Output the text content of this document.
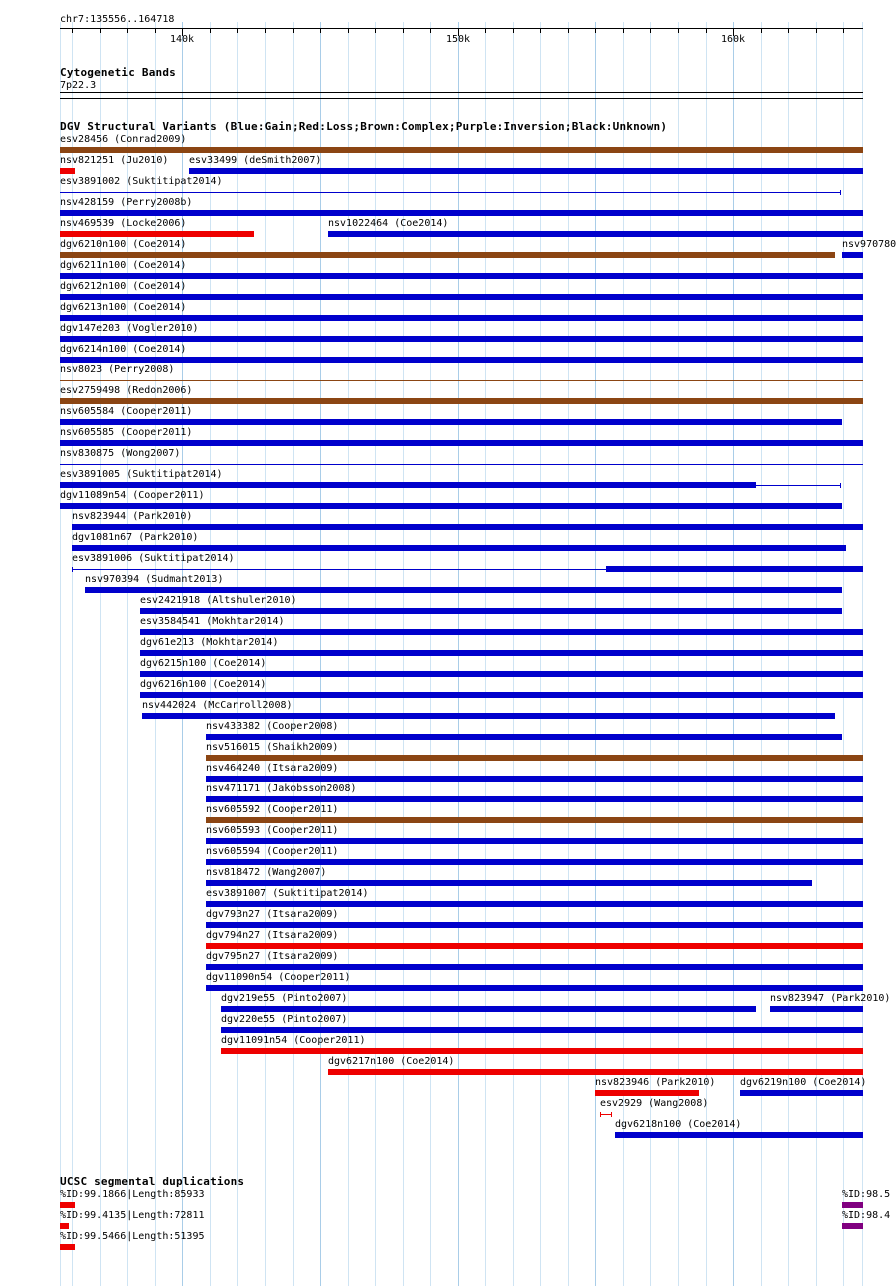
chr7:135556..164718
140k	150k	160k
Cytogenetic Bands
7p22.3
DGV Structural Variants (Blue:Gain;Red:Loss;Brown:Complex;Purple:Inversion;Black:Unknown)
esv28456 (Conrad2009)
nsv821251 (Ju2010) esv33499 (deSmith2007)
esv3891002 (Suktitipat2014)
nsv428159 (Perry2008b)
nsv469539 (Locke2006)	nsv1022464 (Coe2014)
dgv6210n100 (Coe2014)	nsv970780
dgv6211n100 (Coe2014)
dgv6212n100 (Coe2014)
dgv6213n100 (Coe2014)
dgv147e203 (Vogler2010)
dgv6214n100 (Coe2014)
nsv8023 (Perry2008)
esv2759498 (Redon2006)
nsv605584 (Cooper2011)
nsv605585 (Cooper2011)
nsv830875 (Wong2007)
esv3891005 (Suktitipat2014)
dgv11089n54 (Cooper2011)
nsv823944 (Park2010)
dgv1081n67 (Park2010)
esv3891006 (Suktitipat2014)
nsv970394 (Sudmant2013)
esv2421918 (Altshuler2010)
esv3584541 (Mokhtar2014)
dgv61e213 (Mokhtar2014)
dgv6215n100 (Coe2014)
dgv6216n100 (Coe2014)
nsv442024 (McCarroll2008)
nsv433382 (Cooper2008)
nsv516015 (Shaikh2009)
nsv464240 (Itsara2009)
nsv471171 (Jakobsson2008)
nsv605592 (Cooper2011)
nsv605593 (Cooper2011)
nsv605594 (Cooper2011)
nsv818472 (Wang2007)
esv3891007 (Suktitipat2014)
dgv793n27 (Itsara2009)
dgv794n27 (Itsara2009)
dgv795n27 (Itsara2009)
dgv11090n54 (Cooper2011)
dgv219e55 (Pinto2007)	nsv823947 (Park2010)
dgv220e55 (Pinto2007)
dgv11091n54 (Cooper2011)
dgv6217n100 (Coe2014)
nsv823946 (Park2010) dgv6219n100 (Coe2014)
esv2929 (Wang2008)
dgv6218n100 (Coe2014)
UCSC segmental duplications
%ID:99.1866|Length:85933	%ID:98.5
%ID:99.4135|Length:72811	%ID:98.4
%ID:99.5466|Length:51395
